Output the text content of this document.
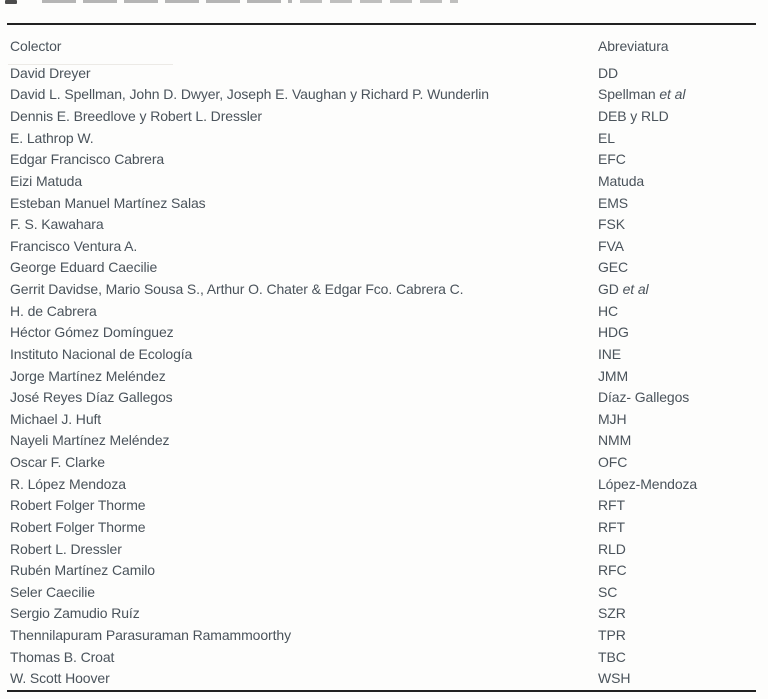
Colector	Abreviatura
David Dreyer	DD
David L. Spellman, John D. Dwyer, Joseph E. Vaughan y Richard P. Wunderlin	Spellman et al
Dennis E. Breedlove y Robert L. Dressler	DEB y RLD
E. Lathrop W.	EL
Edgar Francisco Cabrera	EFC
Eizi Matuda	Matuda
Esteban Manuel Martínez Salas	EMS
F. S. Kawahara	FSK
Francisco Ventura A.	FVA
George Eduard Caecilie	GEC
Gerrit Davidse, Mario Sousa S., Arthur O. Chater & Edgar Fco. Cabrera C.	GD et al
H. de Cabrera	HC
Héctor Gómez Domínguez	HDG
Instituto Nacional de Ecología	INE
Jorge Martínez Meléndez	JMM
José Reyes Díaz Gallegos	Díaz- Gallegos
Michael J. Huft	MJH
Nayeli Martínez Meléndez	NMM
Oscar F. Clarke	OFC
R. López Mendoza	López-Mendoza
Robert Folger Thorme	RFT
Robert Folger Thorme	RFT
Robert L. Dressler	RLD
Rubén Martínez Camilo	RFC
Seler Caecilie	SC
Sergio Zamudio Ruíz	SZR
Thennilapuram Parasuraman Ramammoorthy	TPR
Thomas B. Croat	TBC
W. Scott Hoover	WSH
